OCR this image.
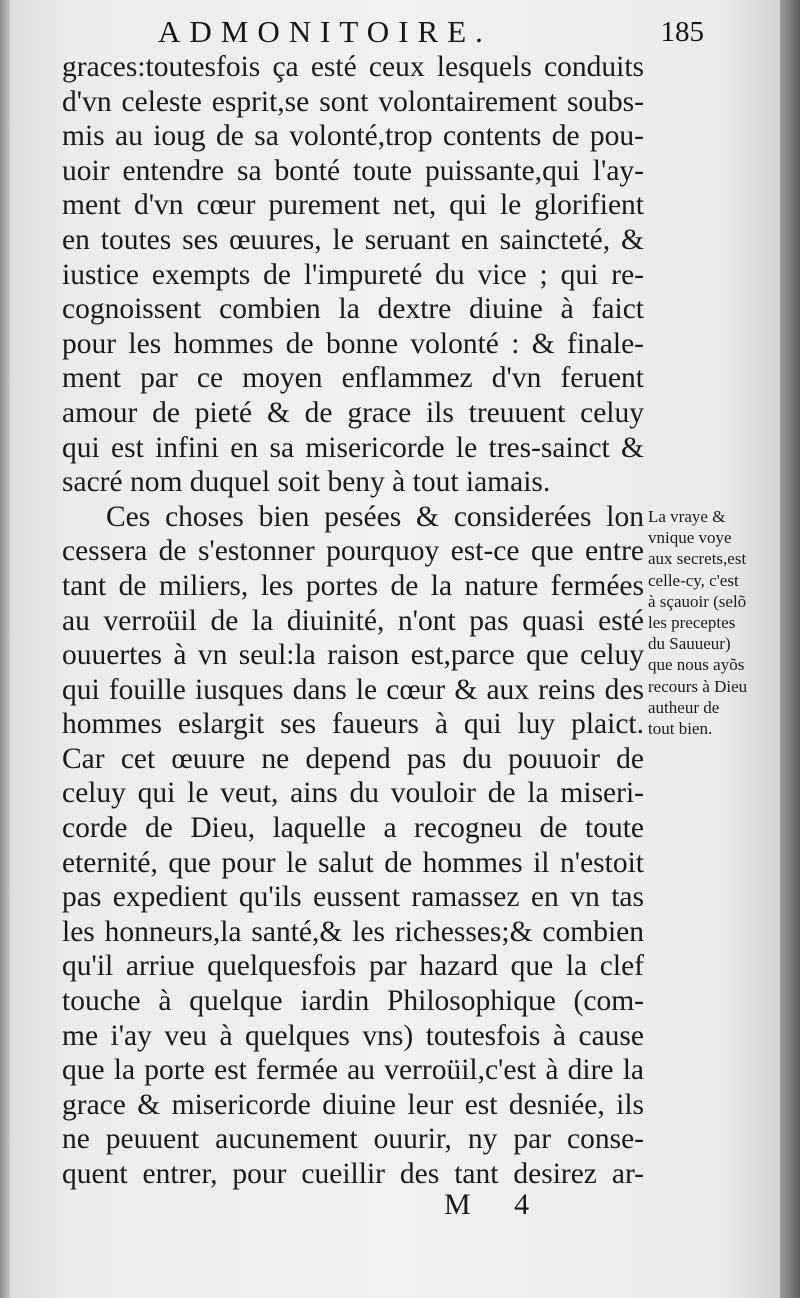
ADMONITOIRE.	185
graces:toutesfois ça esté ceux lesquels conduits
d'vn celeste esprit,se sont volontairement soubs-
mis au ioug de sa volonté,trop contents de pou-
uoir entendre sa bonté toute puissante,qui l'ay-
ment d'vn cœur purement net, qui le glorifient
en toutes ses œuures, le seruant en saincteté, &
iustice exempts de l'impureté du vice ; qui re-
cognoissent combien la dextre diuine à faict
pour les hommes de bonne volonté : & finale-
ment par ce moyen enflammez d'vn feruent
amour de pieté & de grace ils treuuent celuy
qui est infini en sa misericorde le tres-sainct &
sacré nom duquel soit beny à tout iamais.
Ces choses bien pesées & considerées lon
cessera de s'estonner pourquoy est-ce que entre
tant de miliers, les portes de la nature fermées
au verroüil de la diuinité, n'ont pas quasi esté
ouuertes à vn seul:la raison est,parce que celuy
qui fouille iusques dans le cœur & aux reins des
hommes eslargit ses faueurs à qui luy plaict.
Car cet œuure ne depend pas du pouuoir de
celuy qui le veut, ains du vouloir de la miseri-
corde de Dieu, laquelle a recogneu de toute
eternité, que pour le salut de hommes il n'estoit
pas expedient qu'ils eussent ramassez en vn tas
les honneurs,la santé,& les richesses;& combien
qu'il arriue quelquesfois par hazard que la clef
touche à quelque iardin Philosophique (com-
me i'ay veu à quelques vns) toutesfois à cause
que la porte est fermée au verroüil,c'est à dire la
grace & misericorde diuine leur est desniée, ils
ne peuuent aucunement ouurir, ny par conse-
quent entrer, pour cueillir des tant desirez ar-
La vraye &
vnique voye
aux secrets,est
celle-cy, c'est
à sçauoir (selõ
les preceptes
du Sauueur)
que nous ayõs
recours à Dieu
autheur de
tout bien.
M 4
